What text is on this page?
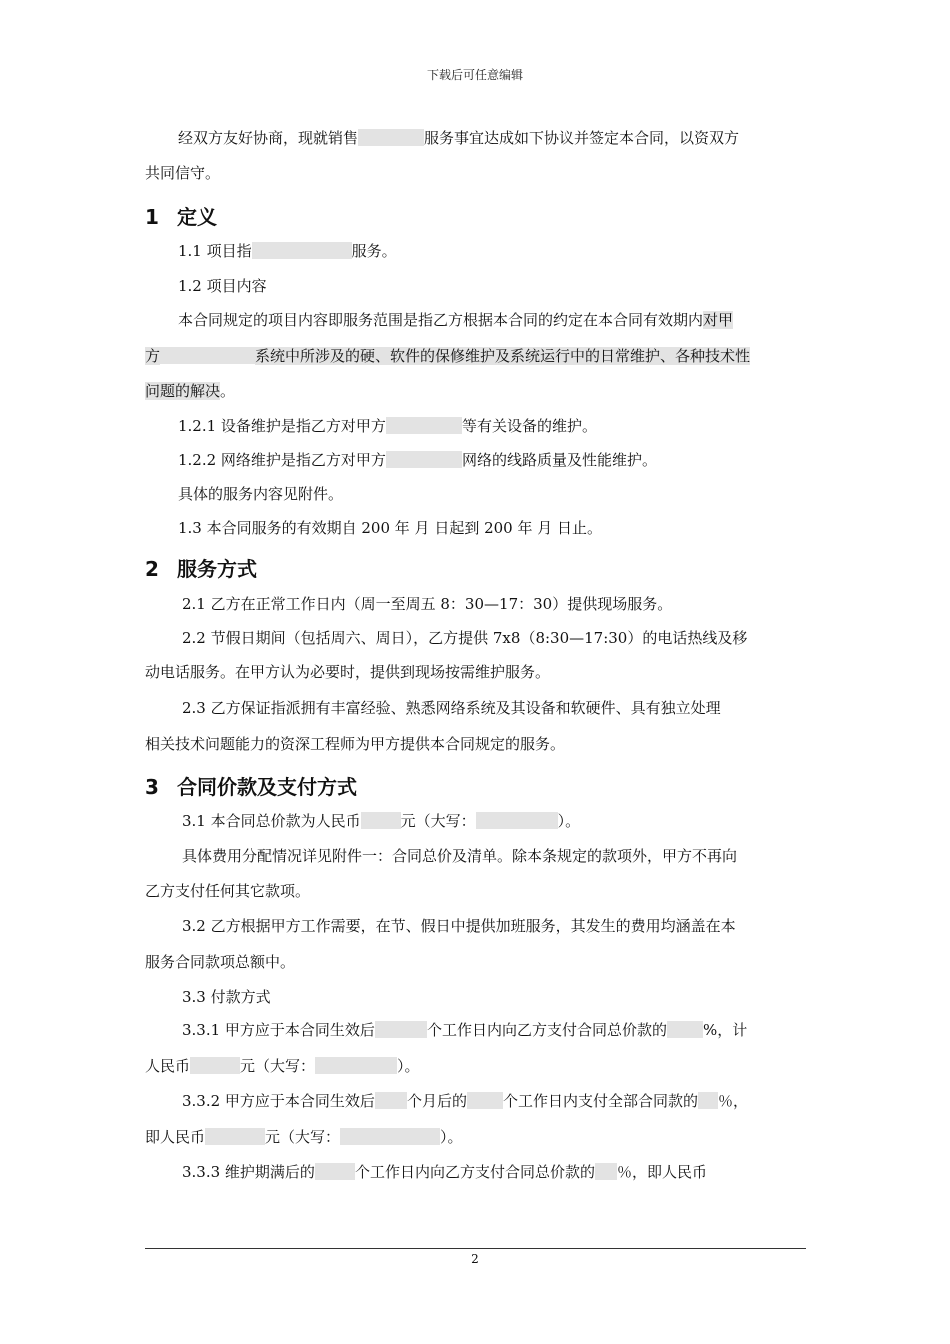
下载后可任意编辑
经双方友好协商，现就销售	服务事宜达成如下协议并签定本合同，以资双方
共同信守。
1 定义
1.1 项目指	服务。
1.2 项目内容
本合同规定的项目内容即服务范围是指乙方根据本合同的约定在本合同有效期内对甲
方	系统中所涉及的硬、软件的保修维护及系统运行中的日常维护、各种技术性
问题的解决。
1.2.1 设备维护是指乙方对甲方	等有关设备的维护。
1.2.2 网络维护是指乙方对甲方	网络的线路质量及性能维护。
具体的服务内容见附件。
1.3 本合同服务的有效期自 200 年 月 日起到 200 年 月 日止。
2 服务方式
2.1 乙方在正常工作日内（周一至周五 8：30—17：30）提供现场服务。
2.2 节假日期间（包括周六、周日），乙方提供 7x8（8:30—17:30）的电话热线及移
动电话服务。在甲方认为必要时，提供到现场按需维护服务。
2.3 乙方保证指派拥有丰富经验、熟悉网络系统及其设备和软硬件、具有独立处理
相关技术问题能力的资深工程师为甲方提供本合同规定的服务。
3 合同价款及支付方式
3.1 本合同总价款为人民币	元（大写：	）。
具体费用分配情况详见附件一：合同总价及清单。除本条规定的款项外，甲方不再向
乙方支付任何其它款项。
3.2 乙方根据甲方工作需要，在节、假日中提供加班服务，其发生的费用均涵盖在本
服务合同款项总额中。
3.3 付款方式
3.3.1 甲方应于本合同生效后	个工作日内向乙方支付合同总价款的 %，计
人民币	元（大写：	）。
3.3.2 甲方应于本合同生效后 个月后的 个工作日内支付全部合同款的 ％，
即人民币	元（大写：	）。
3.3.3 维护期满后的	个工作日内向乙方支付合同总价款的 ％，即人民币
2
